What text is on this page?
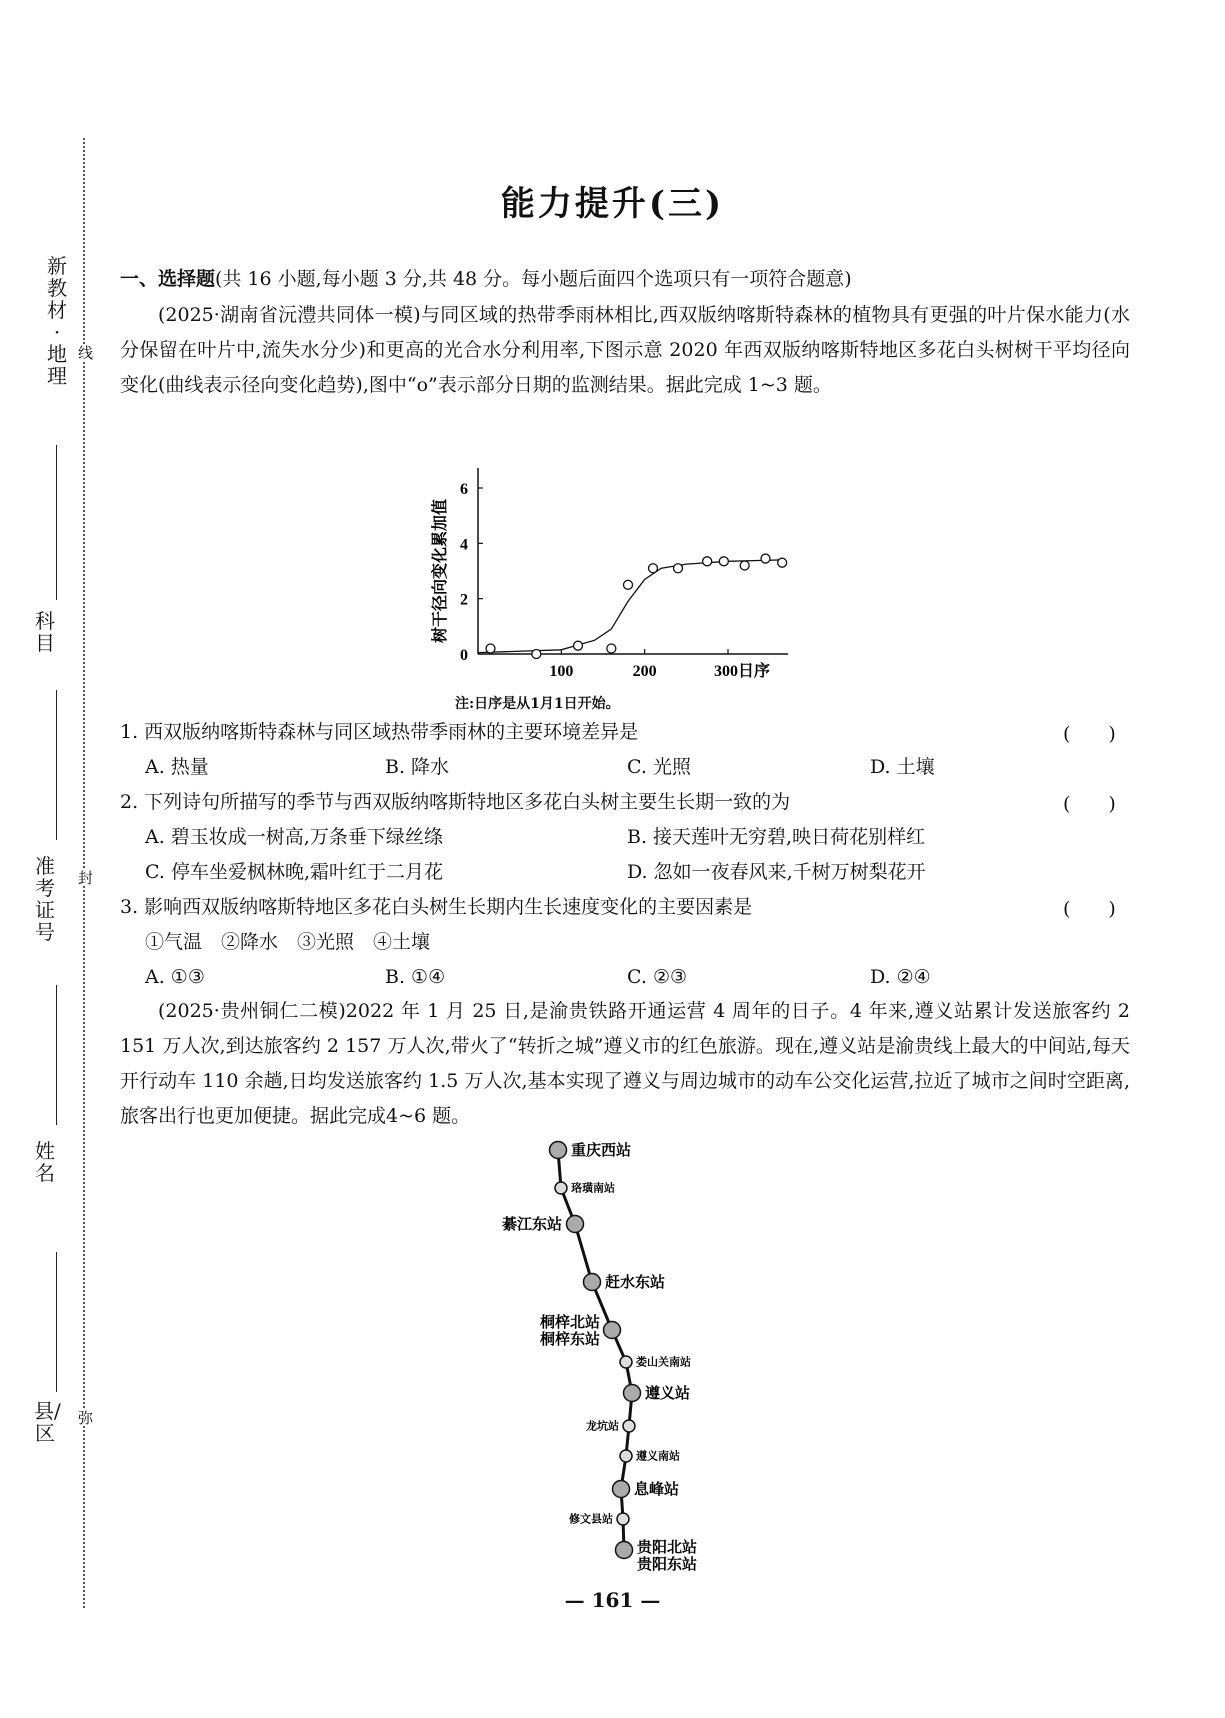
新教材·地理
线
科目
准考证号
封
姓名
县/区
弥
能力提升(三)
一、选择题(共 16 小题,每小题 3 分,共 48 分。每小题后面四个选项只有一项符合题意)
(2025·湖南省沅澧共同体一模)与同区域的热带季雨林相比,西双版纳喀斯特森林的植物具有更强的叶片保水能力(水分保留在叶片中,流失水分少)和更高的光合水分利用率,下图示意 2020 年西双版纳喀斯特地区多花白头树树干平均径向变化(曲线表示径向变化趋势),图中“o”表示部分日期的监测结果。据此完成 1~3 题。
0
2
4
6
100	200	300日序
树干径向变化累加值
注:日序是从1月1日开始。
1. 西双版纳喀斯特森林与同区域热带季雨林的主要环境差异是	(　　)
A. 热量	B. 降水	C. 光照	D. 土壤
2. 下列诗句所描写的季节与西双版纳喀斯特地区多花白头树主要生长期一致的为	(　　)
A. 碧玉妆成一树高,万条垂下绿丝绦	B. 接天莲叶无穷碧,映日荷花别样红
C. 停车坐爱枫林晚,霜叶红于二月花	D. 忽如一夜春风来,千树万树梨花开
3. 影响西双版纳喀斯特地区多花白头树生长期内生长速度变化的主要因素是	(　　)
①气温　②降水　③光照　④土壤
A. ①③	B. ①④	C. ②③	D. ②④
(2025·贵州铜仁二模)2022 年 1 月 25 日,是渝贵铁路开通运营 4 周年的日子。4 年来,遵义站累计发送旅客约 2 151 万人次,到达旅客约 2 157 万人次,带火了“转折之城”遵义市的红色旅游。现在,遵义站是渝贵线上最大的中间站,每天开行动车 110 余趟,日均发送旅客约 1.5 万人次,基本实现了遵义与周边城市的动车公交化运营,拉近了城市之间时空距离,旅客出行也更加便捷。据此完成4~6 题。
重庆西站
珞璜南站
綦江东站
赶水东站
桐梓北站
桐梓东站
娄山关南站
遵义站
龙坑站
遵义南站
息峰站
修文县站
贵阳北站
贵阳东站
— 161 —
